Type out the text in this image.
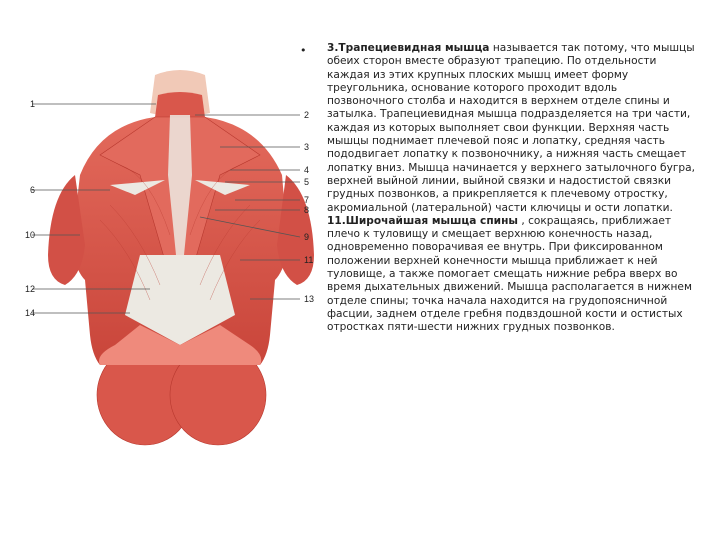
1
6
10
12
14
2
3
4
5
7
8
9
11
13
• 3.Трапециевидная мышца называется так потому, что мышцы обеих сторон вместе образуют трапецию. По отдельности каждая из этих крупных плоских мышц имеет форму треугольника, основание которого проходит вдоль позвоночного столба и находится в верхнем отделе спины и затылка. Трапециевидная мышца подразделяется на три части, каждая из которых выполняет свои функции. Верхняя часть мышцы поднимает плечевой пояс и лопатку, средняя часть пододвигает лопатку к позвоночнику, а нижняя часть смещает лопатку вниз. Мышца начинается у верхнего затылочного бугра, верхней выйной линии, выйной связки и надостистой связки грудных позвонков, а прикрепляется к плечевому отростку, акромиальной (латеральной) части ключицы и ости лопатки.

11.Широчайшая мышца спины , сокращаясь, приближает плечо к туловищу и смещает верхнюю конечность назад, одновременно поворачивая ее внутрь. При фиксированном положении верхней конечности мышца приближает к ней туловище, а также помогает смещать нижние ребра вверх во время дыхательных движений. Мышца располагается в нижнем отделе спины; точка начала находится на грудопоясничной фасции, заднем отделе гребня подвздошной кости и остистых отростках пяти-шести нижних грудных позвонков.
